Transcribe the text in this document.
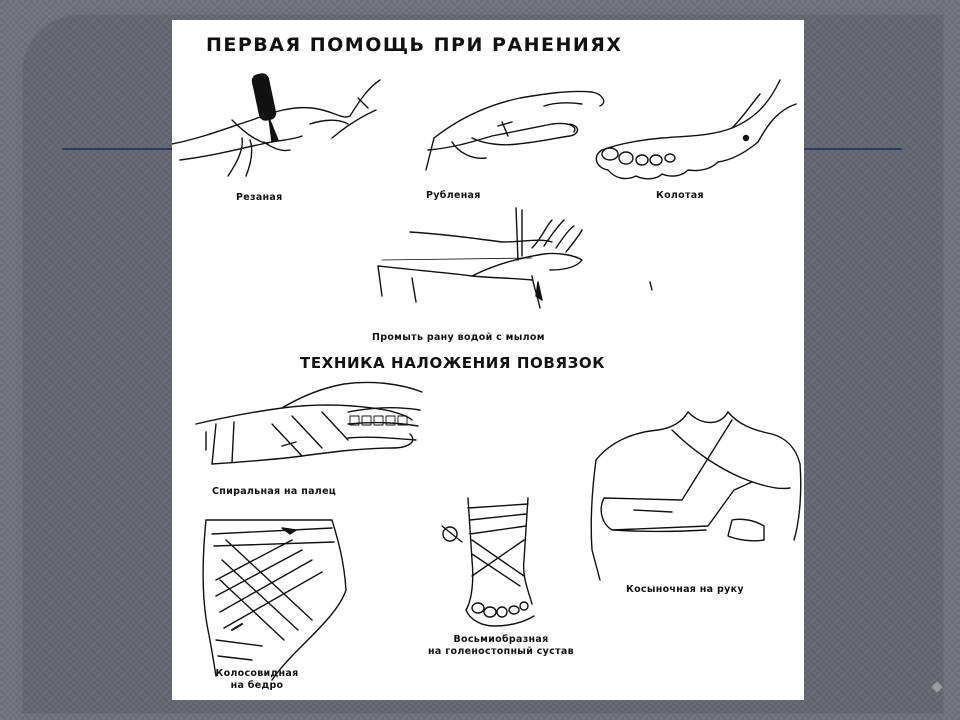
ПЕРВАЯ ПОМОЩЬ ПРИ РАНЕНИЯХ
Резаная	Рубленая	Колотая
Промыть рану водой с мылом
ТЕХНИКА НАЛОЖЕНИЯ ПОВЯЗОК
Спиральная на палец
Восьмиобразная
на голеностопный сустав
Косыночная на руку
Колосовидная
на бедро
